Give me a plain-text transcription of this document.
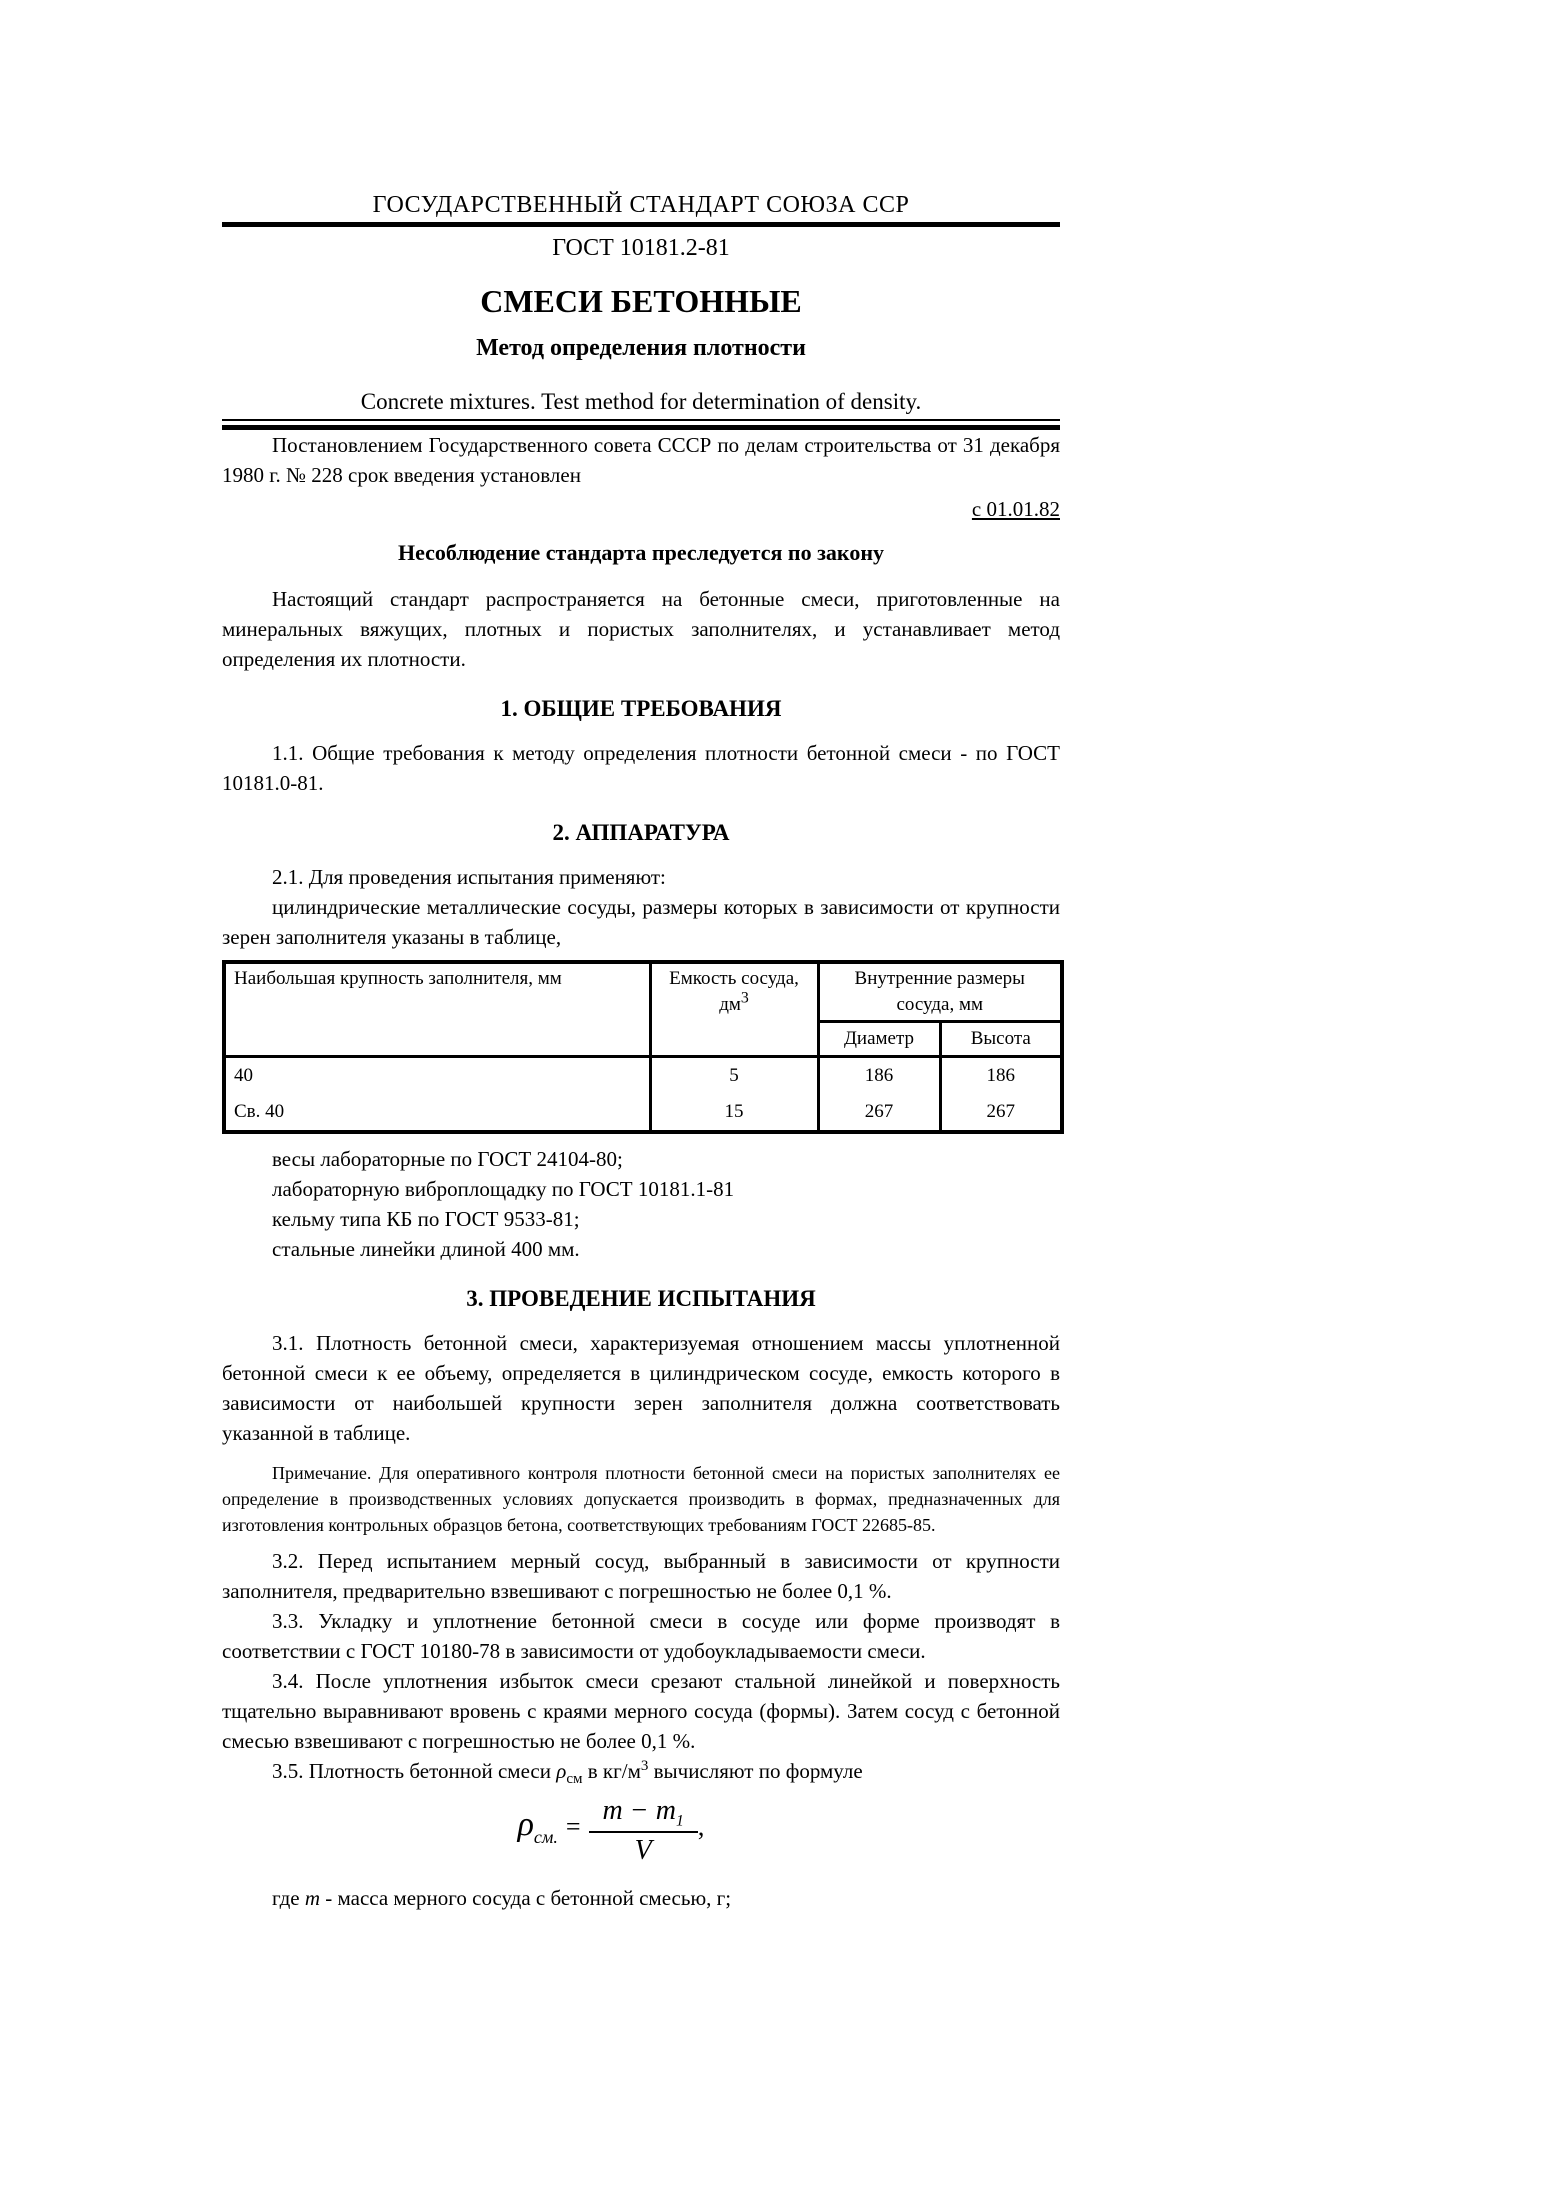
ГОСУДАРСТВЕННЫЙ СТАНДАРТ СОЮЗА ССР
ГОСТ 10181.2-81
СМЕСИ БЕТОННЫЕ
Метод определения плотности
Concrete mixtures. Test method for determination of density.

Постановлением Государственного совета СССР по делам строительства от 31 декабря 1980 г. № 228 срок введения установлен

с 01.01.82
Несоблюдение стандарта преследуется по закону

Настоящий стандарт распространяется на бетонные смеси, приготовленные на минеральных вяжущих, плотных и пористых заполнителях, и устанавливает метод определения их плотности.

1. ОБЩИЕ ТРЕБОВАНИЯ

1.1. Общие требования к методу определения плотности бетонной смеси - по ГОСТ 10181.0-81.

2. АППАРАТУРА

2.1. Для проведения испытания применяют:

цилиндрические металлические сосуды, размеры которых в зависимости от крупности зерен заполнителя указаны в таблице,

Наибольшая крупность заполнителя, мм	Емкость сосуда, $дм^3$	Внутренние размеры сосуда, мм	
		Диаметр	Высота
40	5	186	186
Св. 40	15	267	267
весы лабораторные по ГОСТ 24104-80;
лабораторную виброплощадку по ГОСТ 10181.1-81
кельму типа КБ по ГОСТ 9533-81;
стальные линейки длиной 400 мм.
3. ПРОВЕДЕНИЕ ИСПЫТАНИЯ

3.1. Плотность бетонной смеси, характеризуемая отношением массы уплотненной бетонной смеси к ее объему, определяется в цилиндрическом сосуде, емкость которого в зависимости от наибольшей крупности зерен заполнителя должна соответствовать указанной в таблице.

Примечание. Для оперативного контроля плотности бетонной смеси на пористых заполнителях ее определение в производственных условиях допускается производить в формах, предназначенных для изготовления контрольных образцов бетона, соответствующих требованиям ГОСТ 22685-85.

3.2. Перед испытанием мерный сосуд, выбранный в зависимости от крупности заполнителя, предварительно взвешивают с погрешностью не более 0,1 %.

3.3. Укладку и уплотнение бетонной смеси в сосуде или форме производят в соответствии с ГОСТ 10180-78 в зависимости от удобоукладываемости смеси.

3.4. После уплотнения избыток смеси срезают стальной линейкой и поверхность тщательно выравнивают вровень с краями мерного сосуда (формы). Затем сосуд с бетонной смесью взвешивают с погрешностью не более 0,1 %.

3.5. Плотность бетонной смеси $\rho_{см}$ в $кг/м^3$ вычисляют по формуле

$\rho_{см.} = \frac{m - m_1}{V}$ ,
где m - масса мерного сосуда с бетонной смесью, г;
